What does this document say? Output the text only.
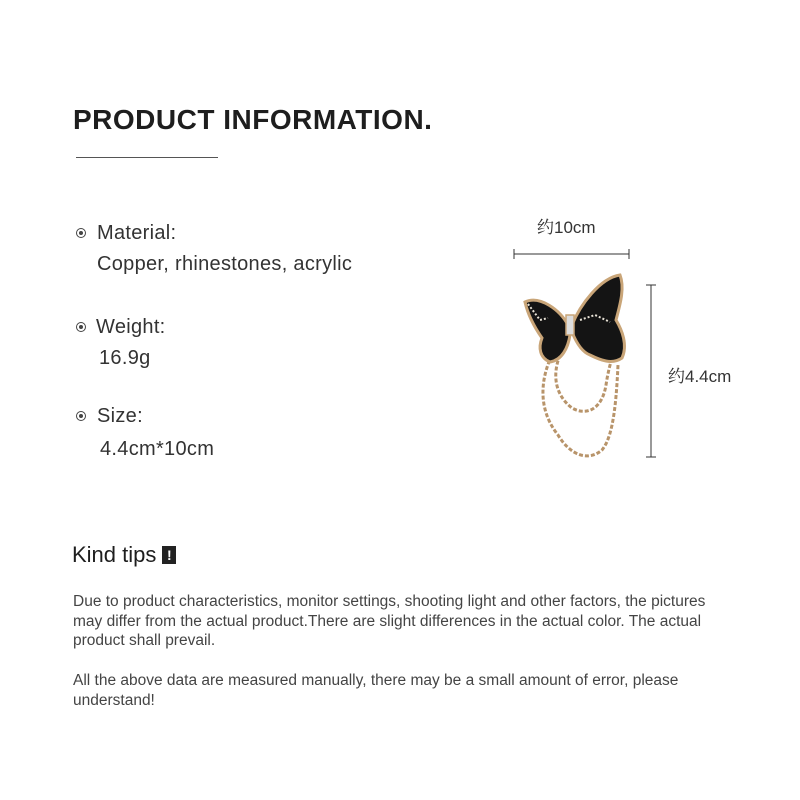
PRODUCT INFORMATION.
Material:
Copper, rhinestones, acrylic
Weight:
16.9g
Size:
4.4cm*10cm
约10cm
约4.4cm
Kind tips !
Due to product characteristics, monitor settings, shooting light and other factors, the pictures may differ from the actual product.There are slight differences in the actual color. The actual product shall prevail.
All the above data are measured manually, there may be a small amount of error, please understand!
